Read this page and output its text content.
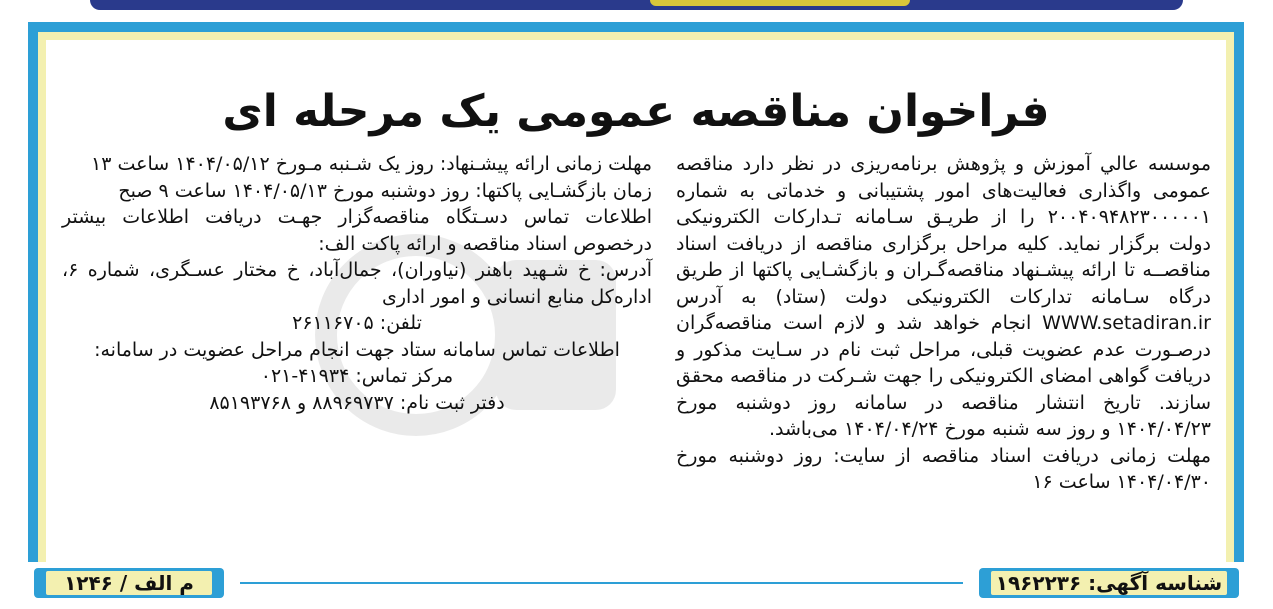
فراخوان مناقصه عمومی یک مرحله ای

موسسه عالي آموزش و پژوهش برنامه‌ریزی در نظر دارد مناقصه عمومی واگذاری فعالیت‌های امور پشتیبانی و خدماتی به شماره ۲۰۰۴۰۹۴۸۲۳۰۰۰۰۰۱ را از طریـق سـامانه تـدارکات الکترونیکی دولت برگزار نماید. کلیه مراحل برگزاری مناقصه از دریافت اسناد مناقصــه تا ارائه پیشـنهاد مناقصه‌گـران و بازگشـایی پاکتها از طریق درگاه سـامانه تدارکات الکترونیکی دولت (ستاد) به آدرس WWW.setadiran.ir انجام خواهد شد و لازم است مناقصه‌گران درصـورت عدم عضویت قبلی، مراحل ثبت نام در سـایت مذکور و دریافت گواهی امضای الکترونیکی را جهت شـرکت در مناقصه محقق سازند. تاریخ انتشار مناقصه در سامانه روز دوشنبه مورخ ۱۴۰۴/۰۴/۲۳ و روز سه شنبه مورخ ۱۴۰۴/۰۴/۲۴ می‌باشد.

مهلت زمانی دریافت اسناد مناقصه از سایت: روز دوشنبه مورخ ۱۴۰۴/۰۴/۳۰ ساعت ۱۶

مهلت زمانی ارائه پیشـنهاد: روز یک شـنبه مـورخ ۱۴۰۴/۰۵/۱۲ ساعت ۱۳

زمان بازگشـایی پاکتها: روز دوشنبه مورخ ۱۴۰۴/۰۵/۱۳ ساعت ۹ صبح

اطلاعات تماس دسـتگاه مناقصه‌گزار جهـت دریافت اطلاعات بیشتر درخصوص اسناد مناقصه و ارائه پاکت الف:

آدرس: خ شـهید باهنر (نیاوران)، جمال‌آباد، خ مختار عسـگری، شماره ۶، اداره‌کل منابع انسانی و امور اداری

تلفن: ۲۶۱۱۶۷۰۵

اطلاعات تماس سامانه ستاد جهت انجام مراحل عضویت در سامانه:

مرکز تماس: ۴۱۹۳۴-۰۲۱

دفتر ثبت نام: ۸۸۹۶۹۷۳۷ و ۸۵۱۹۳۷۶۸

شناسه آگهی: ۱۹۶۲۲۳۶
م الف / ۱۲۴۶
